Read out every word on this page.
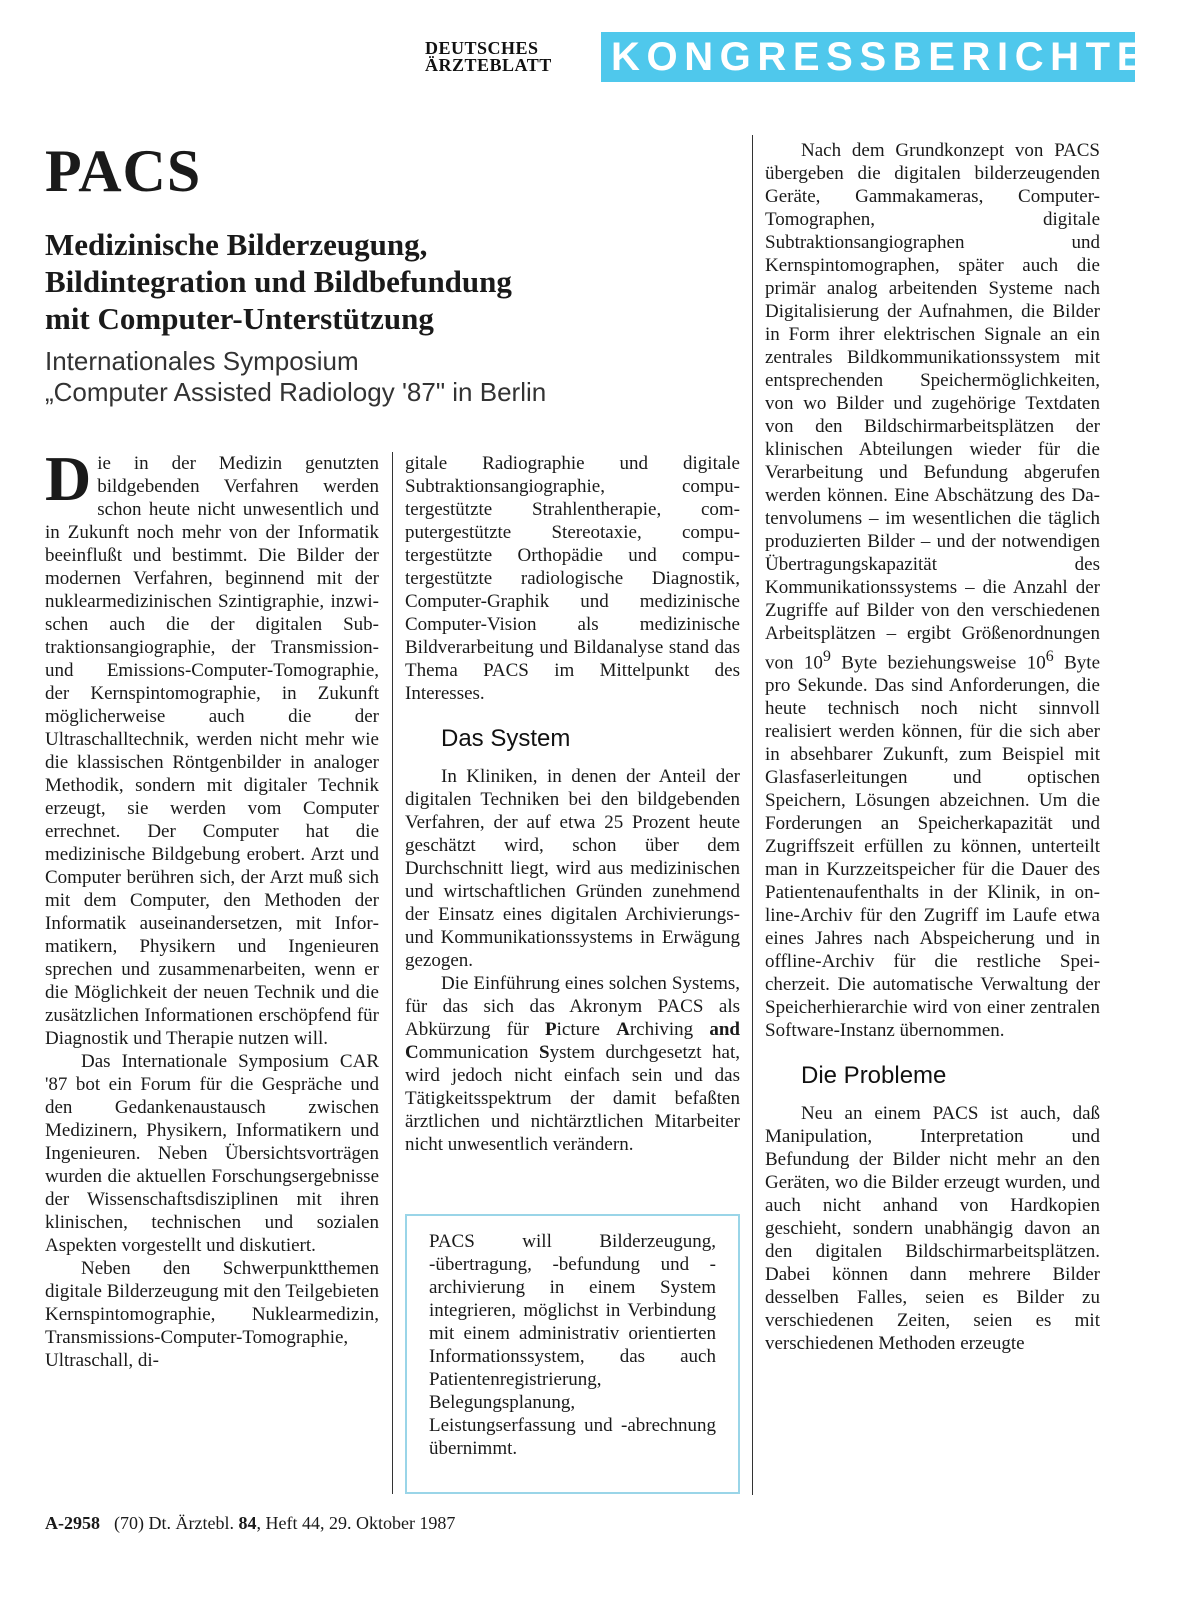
DEUTSCHES
ÄRZTEBLATT	KONGRESSBERICHTE
PACS
Medizinische Bilderzeugung,
Bildintegration und Bildbefundung
mit Computer-Unterstützung
Internationales Symposium
„Computer Assisted Radiology '87" in Berlin

Die in der Medizin genutzten bildgebenden Verfahren werden schon heute nicht unwesentlich und in Zukunft noch mehr von der Informatik beeinflußt und bestimmt. Die Bilder der modernen Verfahren, beginnend mit der nuklearmedizinischen Szintigraphie, inzwischen auch die der digitalen Subtraktionsangiographie, der Transmission- und Emissions-Computer-Tomographie, der Kernspintomographie, in Zukunft möglicherweise auch die der Ultraschalltechnik, werden nicht mehr wie die klassischen Röntgenbilder in analoger Methodik, sondern mit digitaler Technik erzeugt, sie werden vom Computer errechnet. Der Computer hat die medizinische Bildgebung erobert. Arzt und Computer berühren sich, der Arzt muß sich mit dem Computer, den Methoden der Informatik auseinandersetzen, mit Informatikern, Physikern und Ingenieuren sprechen und zusammenarbeiten, wenn er die Möglichkeit der neuen Technik und die zusätzlichen Informationen erschöpfend für Diagnostik und Therapie nutzen will.

Das Internationale Symposium CAR '87 bot ein Forum für die Gespräche und den Gedankenaustausch zwischen Medizinern, Physikern, Informatikern und Ingenieuren. Neben Übersichtsvorträgen wurden die aktuellen Forschungsergebnisse der Wissenschaftsdisziplinen mit ihren klinischen, technischen und sozialen Aspekten vorgestellt und diskutiert.

Neben den Schwerpunktthemen digitale Bilderzeugung mit den Teilgebieten Kernspintomographie, Nuklearmedizin, Transmissions-Computer-Tomographie, Ultraschall, di-

gitale Radiographie und digitale Subtraktionsangiographie, computergestützte Strahlentherapie, computergestützte Stereotaxie, computergestützte Orthopädie und computergestützte radiologische Diagnostik, Computer-Graphik und medizinische Computer-Vision als medizinische Bildverarbeitung und Bildanalyse stand das Thema PACS im Mittelpunkt des Interesses.

Das System

In Kliniken, in denen der Anteil der digitalen Techniken bei den bildgebenden Verfahren, der auf etwa 25 Prozent heute geschätzt wird, schon über dem Durchschnitt liegt, wird aus medizinischen und wirtschaftlichen Gründen zunehmend der Einsatz eines digitalen Archivierungs- und Kommunikationssystems in Erwägung gezogen.

Die Einführung eines solchen Systems, für das sich das Akronym PACS als Abkürzung für Picture Archiving and Communication System durchgesetzt hat, wird jedoch nicht einfach sein und das Tätigkeitsspektrum der damit befaßten ärztlichen und nichtärztlichen Mitarbeiter nicht unwesentlich verändern.

PACS will Bilderzeugung, -übertragung, -befundung und -archivierung in einem System integrieren, möglichst in Verbindung mit einem administrativ orientierten Informationssystem, das auch Patientenregistrierung, Belegungsplanung, Leistungserfassung und -abrechnung übernimmt.

Nach dem Grundkonzept von PACS übergeben die digitalen bilderzeugenden Geräte, Gammakameras, Computer-Tomographen, digitale Subtraktionsangiographen und Kernspintomographen, später auch die primär analog arbeitenden Systeme nach Digitalisierung der Aufnahmen, die Bilder in Form ihrer elektrischen Signale an ein zentrales Bildkommunikationssystem mit entsprechenden Speichermöglichkeiten, von wo Bilder und zugehörige Textdaten von den Bildschirmarbeitsplätzen der klinischen Abteilungen wieder für die Verarbeitung und Befundung abgerufen werden können. Eine Abschätzung des Datenvolumens – im wesentlichen die täglich produzierten Bilder – und der notwendigen Übertragungskapazität des Kommunikationssystems – die Anzahl der Zugriffe auf Bilder von den verschiedenen Arbeitsplätzen – ergibt Größenordnungen von $10^9$ Byte beziehungsweise $10^6$ Byte pro Sekunde. Das sind Anforderungen, die heute technisch noch nicht sinnvoll realisiert werden können, für die sich aber in absehbarer Zukunft, zum Beispiel mit Glasfaserleitungen und optischen Speichern, Lösungen abzeichnen. Um die Forderungen an Speicherkapazität und Zugriffszeit erfüllen zu können, unterteilt man in Kurzzeitspeicher für die Dauer des Patientenaufenthalts in der Klinik, in on-line-Archiv für den Zugriff im Laufe etwa eines Jahres nach Abspeicherung und in offline-Archiv für die restliche Speicherzeit. Die automatische Verwaltung der Speicherhierarchie wird von einer zentralen Software-Instanz übernommen.

Die Probleme

Neu an einem PACS ist auch, daß Manipulation, Interpretation und Befundung der Bilder nicht mehr an den Geräten, wo die Bilder erzeugt wurden, und auch nicht anhand von Hardkopien geschieht, sondern unabhängig davon an den digitalen Bildschirmarbeitsplätzen. Dabei können dann mehrere Bilder desselben Falles, seien es Bilder zu verschiedenen Zeiten, seien es mit verschiedenen Methoden erzeugte

A-2958 (70) Dt. Ärztebl. 84, Heft 44, 29. Oktober 1987
